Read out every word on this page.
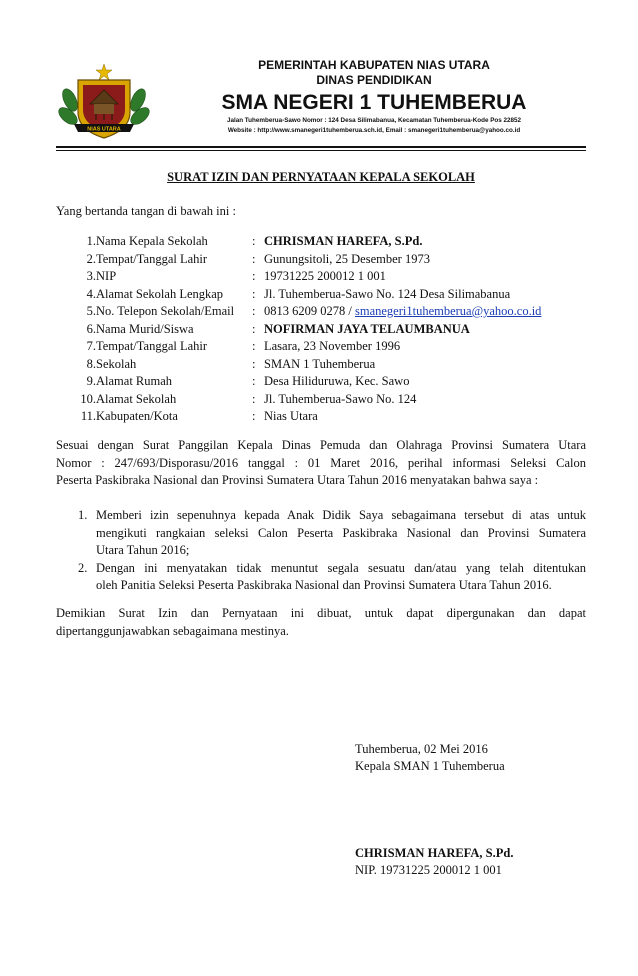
NIAS UTARA
PEMERINTAH KABUPATEN NIAS UTARA
DINAS PENDIDIKAN
SMA NEGERI 1 TUHEMBERUA
Jalan Tuhemberua-Sawo Nomor : 124 Desa Silimabanua, Kecamatan Tuhemberua-Kode Pos 22852
Website : http://www.smanegeri1tuhemberua.sch.id, Email : smanegeri1tuhemberua@yahoo.co.id
SURAT IZIN DAN PERNYATAAN KEPALA SEKOLAH
Yang bertanda tangan di bawah ini :
1. Nama Kepala Sekolah	: CHRISMAN HAREFA, S.Pd.
2. Tempat/Tanggal Lahir	: Gunungsitoli, 25 Desember 1973
3. NIP	: 19731225 200012 1 001
4. Alamat Sekolah Lengkap : Jl. Tuhemberua-Sawo No. 124 Desa Silimabanua
5. No. Telepon Sekolah/Email : 0813 6209 0278 / smanegeri1tuhemberua@yahoo.co.id
6. Nama Murid/Siswa	: NOFIRMAN JAYA TELAUMBANUA
7. Tempat/Tanggal Lahir	: Lasara, 23 November 1996
8. Sekolah	: SMAN 1 Tuhemberua
9. Alamat Rumah	: Desa Hiliduruwa, Kec. Sawo
10. Alamat Sekolah	: Jl. Tuhemberua-Sawo No. 124
11. Kabupaten/Kota	: Nias Utara
Sesuai dengan Surat Panggilan Kepala Dinas Pemuda dan Olahraga Provinsi Sumatera Utara
Nomor : 247/693/Disporasu/2016 tanggal : 01 Maret 2016, perihal informasi Seleksi Calon
Peserta Paskibraka Nasional dan Provinsi Sumatera Utara Tahun 2016 menyatakan bahwa saya :
1. Memberi izin sepenuhnya kepada Anak Didik Saya sebagaimana tersebut di atas untuk
mengikuti rangkaian seleksi Calon Peserta Paskibraka Nasional dan Provinsi Sumatera
Utara Tahun 2016;
2. Dengan ini menyatakan tidak menuntut segala sesuatu dan/atau yang telah ditentukan
oleh Panitia Seleksi Peserta Paskibraka Nasional dan Provinsi Sumatera Utara Tahun 2016.
Demikian Surat Izin dan Pernyataan ini dibuat, untuk dapat dipergunakan dan dapat
dipertanggunjawabkan sebagaimana mestinya.
Tuhemberua, 02 Mei 2016
Kepala SMAN 1 Tuhemberua
CHRISMAN HAREFA, S.Pd.
NIP. 19731225 200012 1 001
